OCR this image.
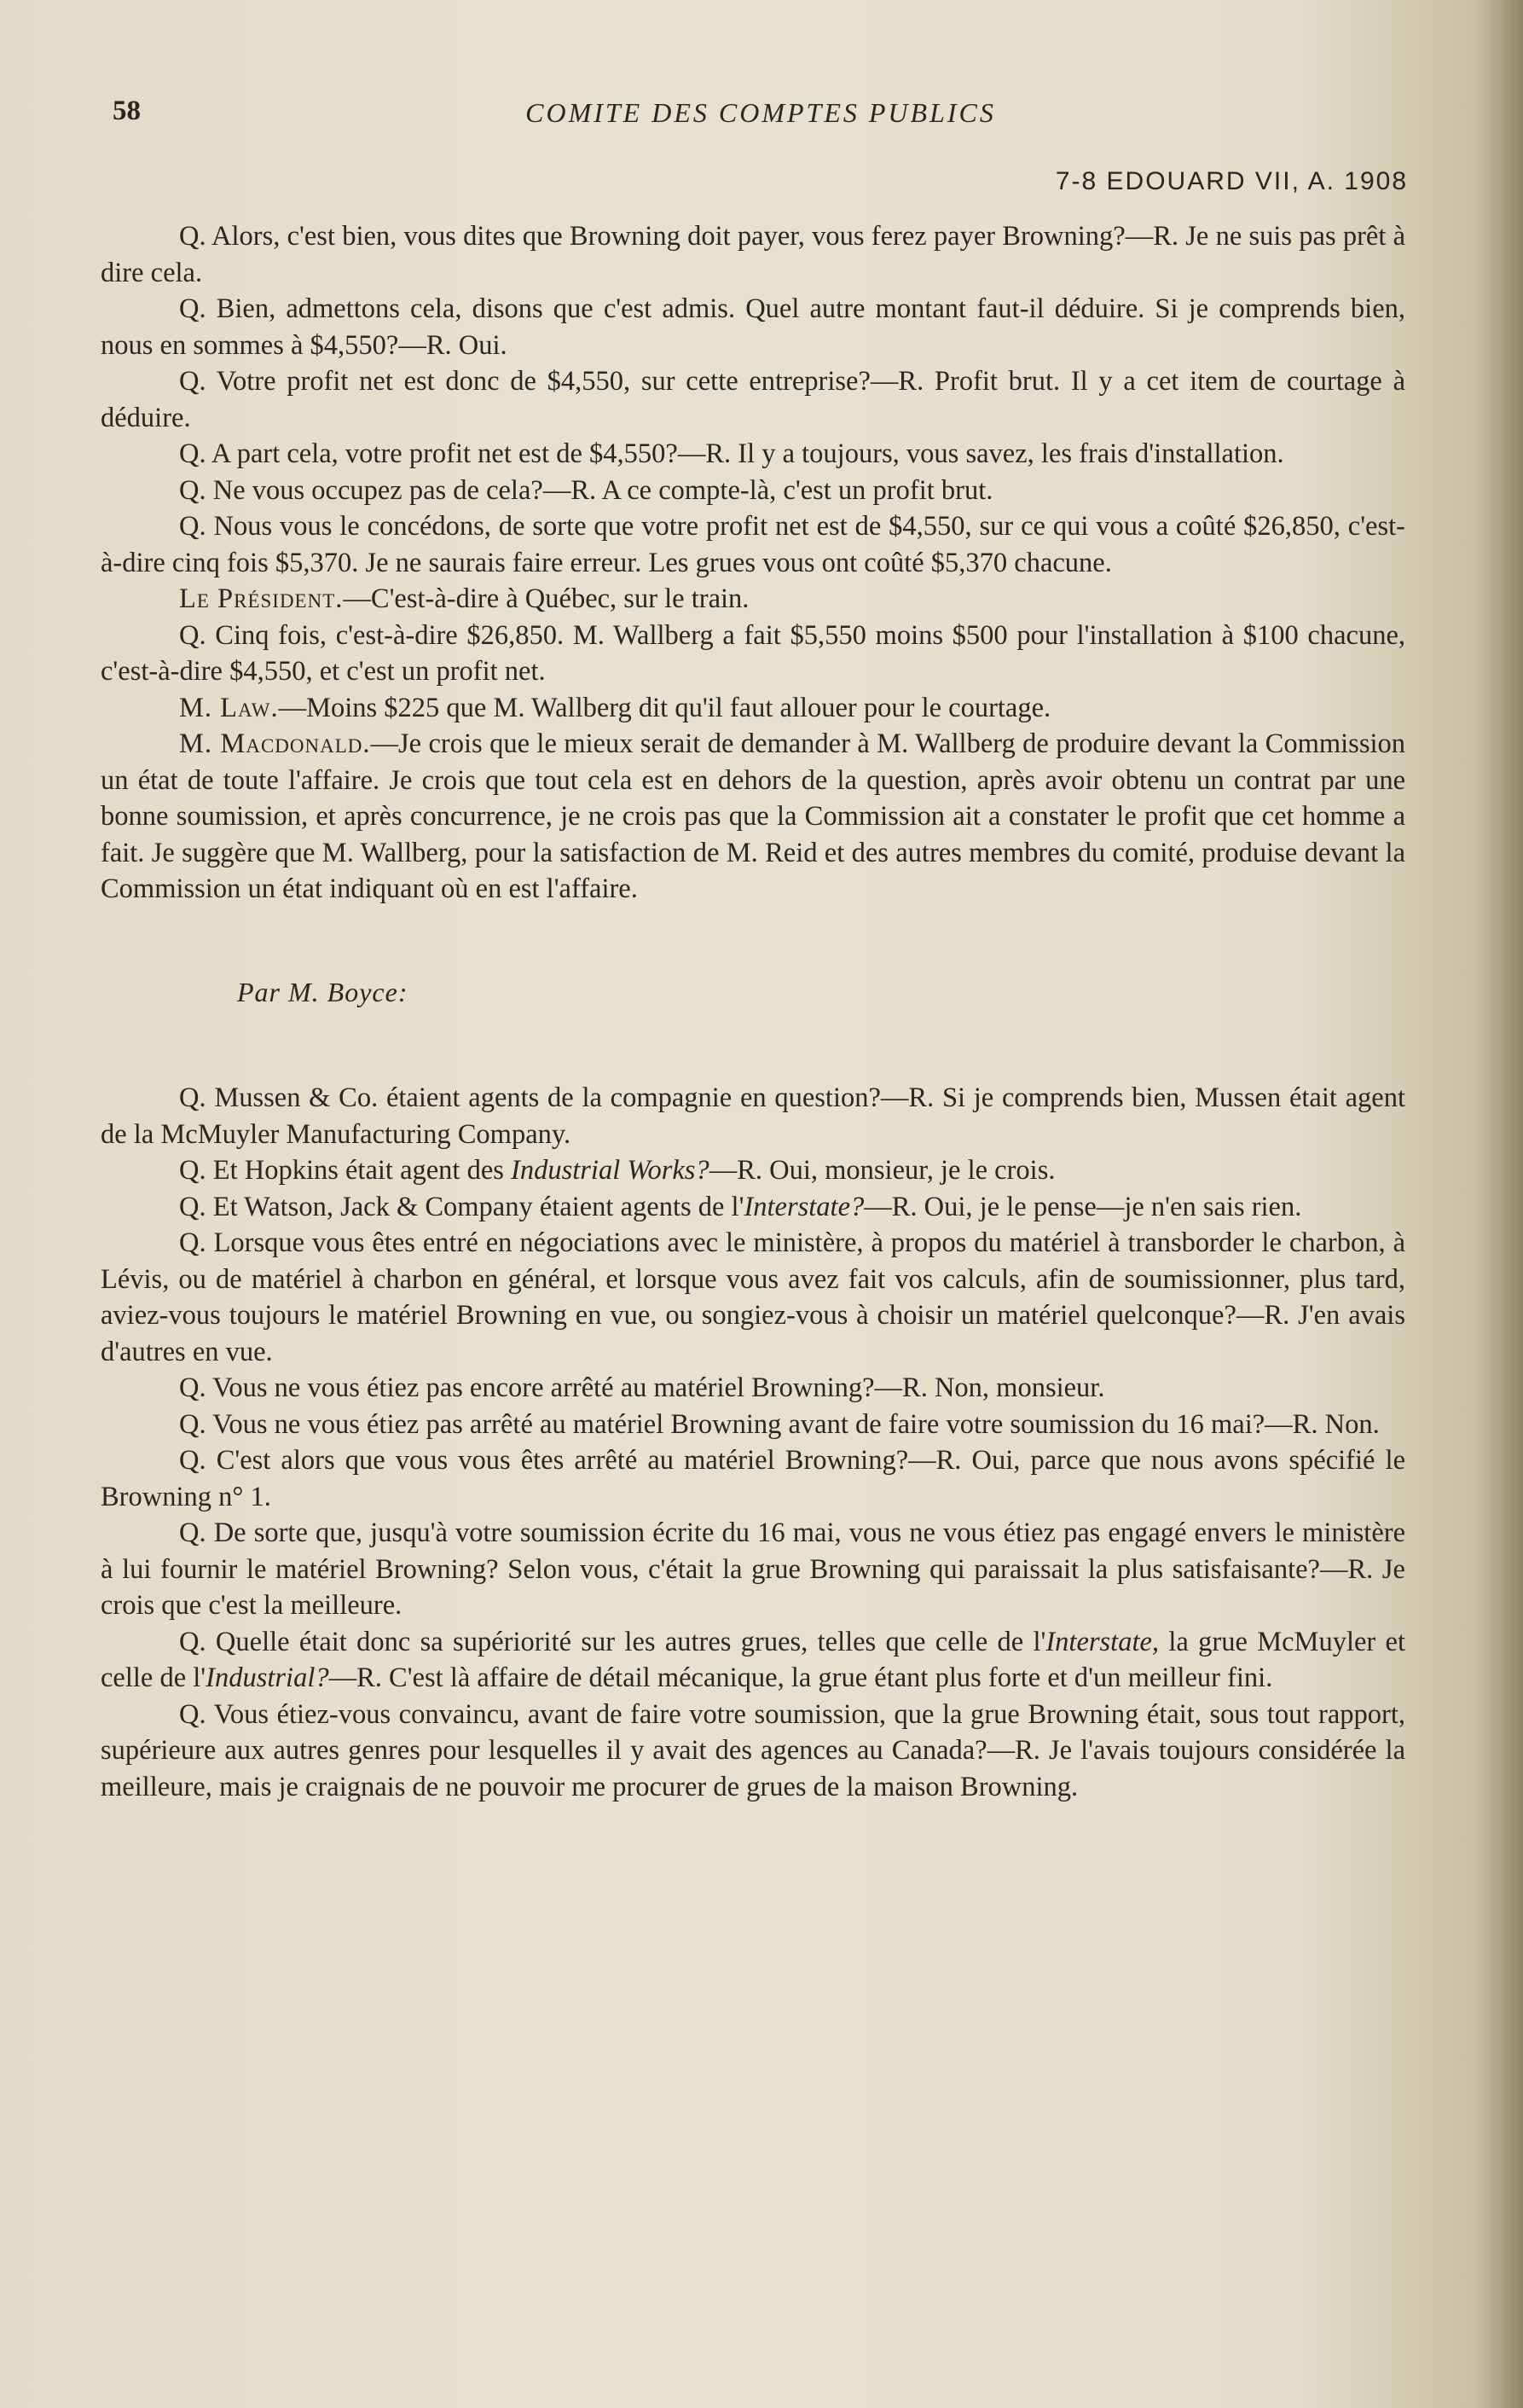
58	COMITE DES COMPTES PUBLICS
7-8 EDOUARD VII, A. 1908

Q. Alors, c'est bien, vous dites que Browning doit payer, vous ferez payer Browning?—R. Je ne suis pas prêt à dire cela.

Q. Bien, admettons cela, disons que c'est admis. Quel autre montant faut-il déduire. Si je comprends bien, nous en sommes à $4,550?—R. Oui.

Q. Votre profit net est donc de $4,550, sur cette entreprise?—R. Profit brut. Il y a cet item de courtage à déduire.

Q. A part cela, votre profit net est de $4,550?—R. Il y a toujours, vous savez, les frais d'installation.

Q. Ne vous occupez pas de cela?—R. A ce compte-là, c'est un profit brut.

Q. Nous vous le concédons, de sorte que votre profit net est de $4,550, sur ce qui vous a coûté $26,850, c'est-à-dire cinq fois $5,370. Je ne saurais faire erreur. Les grues vous ont coûté $5,370 chacune.

Le Président.—C'est-à-dire à Québec, sur le train.

Q. Cinq fois, c'est-à-dire $26,850. M. Wallberg a fait $5,550 moins $500 pour l'installation à $100 chacune, c'est-à-dire $4,550, et c'est un profit net.

M. Law.—Moins $225 que M. Wallberg dit qu'il faut allouer pour le courtage.

M. Macdonald.—Je crois que le mieux serait de demander à M. Wallberg de produire devant la Commission un état de toute l'affaire. Je crois que tout cela est en dehors de la question, après avoir obtenu un contrat par une bonne soumission, et après concurrence, je ne crois pas que la Commission ait a constater le profit que cet homme a fait. Je suggère que M. Wallberg, pour la satisfaction de M. Reid et des autres membres du comité, produise devant la Commission un état indiquant où en est l'affaire.

Par M. Boyce:

Q. Mussen & Co. étaient agents de la compagnie en question?—R. Si je comprends bien, Mussen était agent de la McMuyler Manufacturing Company.

Q. Et Hopkins était agent des Industrial Works?—R. Oui, monsieur, je le crois.

Q. Et Watson, Jack & Company étaient agents de l'Interstate?—R. Oui, je le pense—je n'en sais rien.

Q. Lorsque vous êtes entré en négociations avec le ministère, à propos du matériel à transborder le charbon, à Lévis, ou de matériel à charbon en général, et lorsque vous avez fait vos calculs, afin de soumissionner, plus tard, aviez-vous toujours le matériel Browning en vue, ou songiez-vous à choisir un matériel quelconque?—R. J'en avais d'autres en vue.

Q. Vous ne vous étiez pas encore arrêté au matériel Browning?—R. Non, monsieur.

Q. Vous ne vous étiez pas arrêté au matériel Browning avant de faire votre soumission du 16 mai?—R. Non.

Q. C'est alors que vous vous êtes arrêté au matériel Browning?—R. Oui, parce que nous avons spécifié le Browning n° 1.

Q. De sorte que, jusqu'à votre soumission écrite du 16 mai, vous ne vous étiez pas engagé envers le ministère à lui fournir le matériel Browning? Selon vous, c'était la grue Browning qui paraissait la plus satisfaisante?—R. Je crois que c'est la meilleure.

Q. Quelle était donc sa supériorité sur les autres grues, telles que celle de l'Interstate, la grue McMuyler et celle de l'Industrial?—R. C'est là affaire de détail mécanique, la grue étant plus forte et d'un meilleur fini.

Q. Vous étiez-vous convaincu, avant de faire votre soumission, que la grue Browning était, sous tout rapport, supérieure aux autres genres pour lesquelles il y avait des agences au Canada?—R. Je l'avais toujours considérée la meilleure, mais je craignais de ne pouvoir me procurer de grues de la maison Browning.
